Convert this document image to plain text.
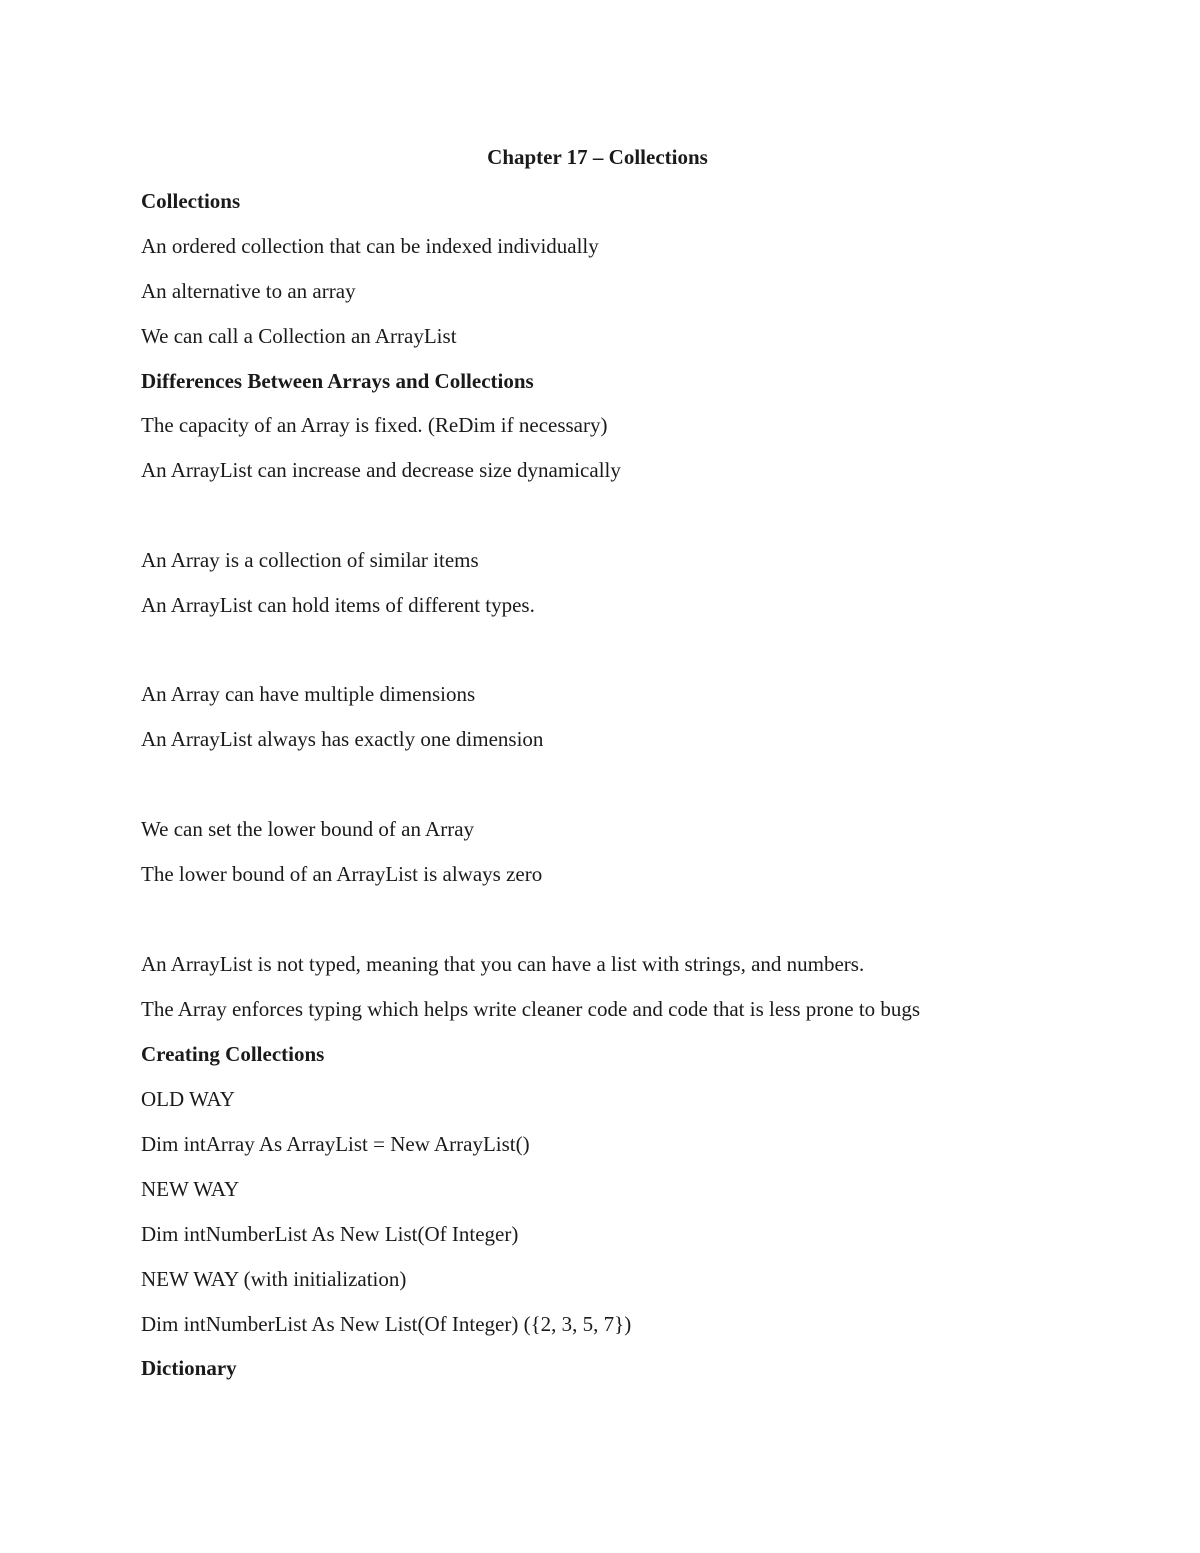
Chapter 17 – Collections
Collections
An ordered collection that can be indexed individually
An alternative to an array
We can call a Collection an ArrayList
Differences Between Arrays and Collections
The capacity of an Array is fixed. (ReDim if necessary)
An ArrayList can increase and decrease size dynamically
An Array is a collection of similar items
An ArrayList can hold items of different types.
An Array can have multiple dimensions
An ArrayList always has exactly one dimension
We can set the lower bound of an Array
The lower bound of an ArrayList is always zero
An ArrayList is not typed, meaning that you can have a list with strings, and numbers.
The Array enforces typing which helps write cleaner code and code that is less prone to bugs
Creating Collections
OLD WAY
Dim intArray As ArrayList = New ArrayList()
NEW WAY
Dim intNumberList As New List(Of Integer)
NEW WAY (with initialization)
Dim intNumberList As New List(Of Integer) ({2, 3, 5, 7})
Dictionary
